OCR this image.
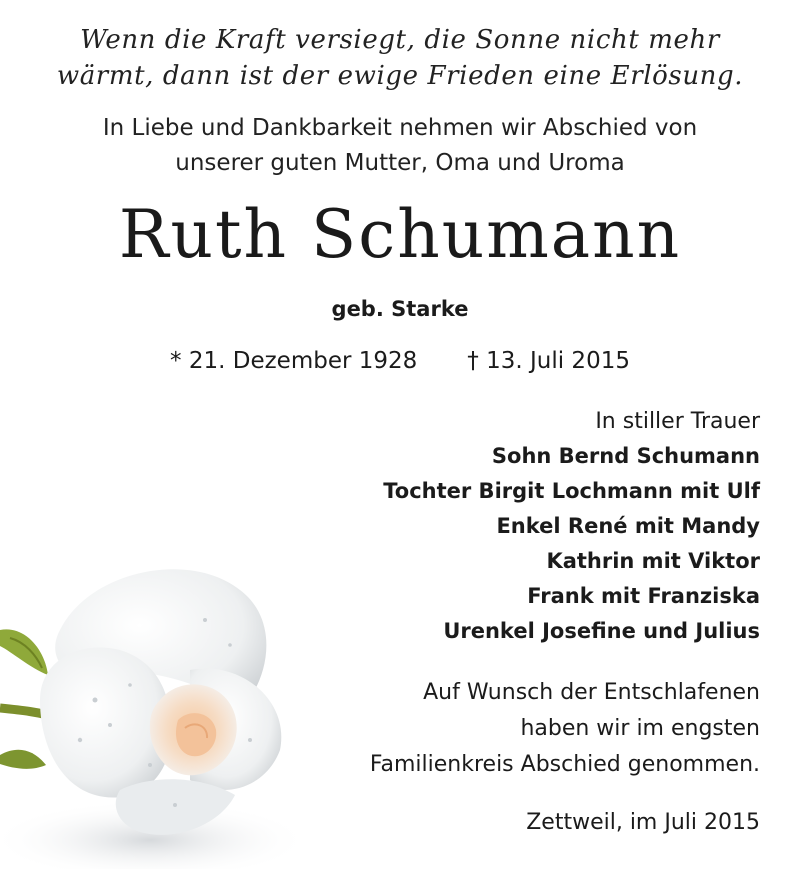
Wenn die Kraft versiegt, die Sonne nicht mehr
wärmt, dann ist der ewige Frieden eine Erlösung.
In Liebe und Dankbarkeit nehmen wir Abschied von
unserer guten Mutter, Oma und Uroma
Ruth Schumann
geb. Starke
* 21. Dezember 1928 † 13. Juli 2015
In stiller Trauer
Sohn Bernd Schumann
Tochter Birgit Lochmann mit Ulf
Enkel René mit Mandy
Kathrin mit Viktor
Frank mit Franziska
Urenkel Josefine und Julius
Auf Wunsch der Entschlafenen
haben wir im engsten
Familienkreis Abschied genommen.
Zettweil, im Juli 2015
